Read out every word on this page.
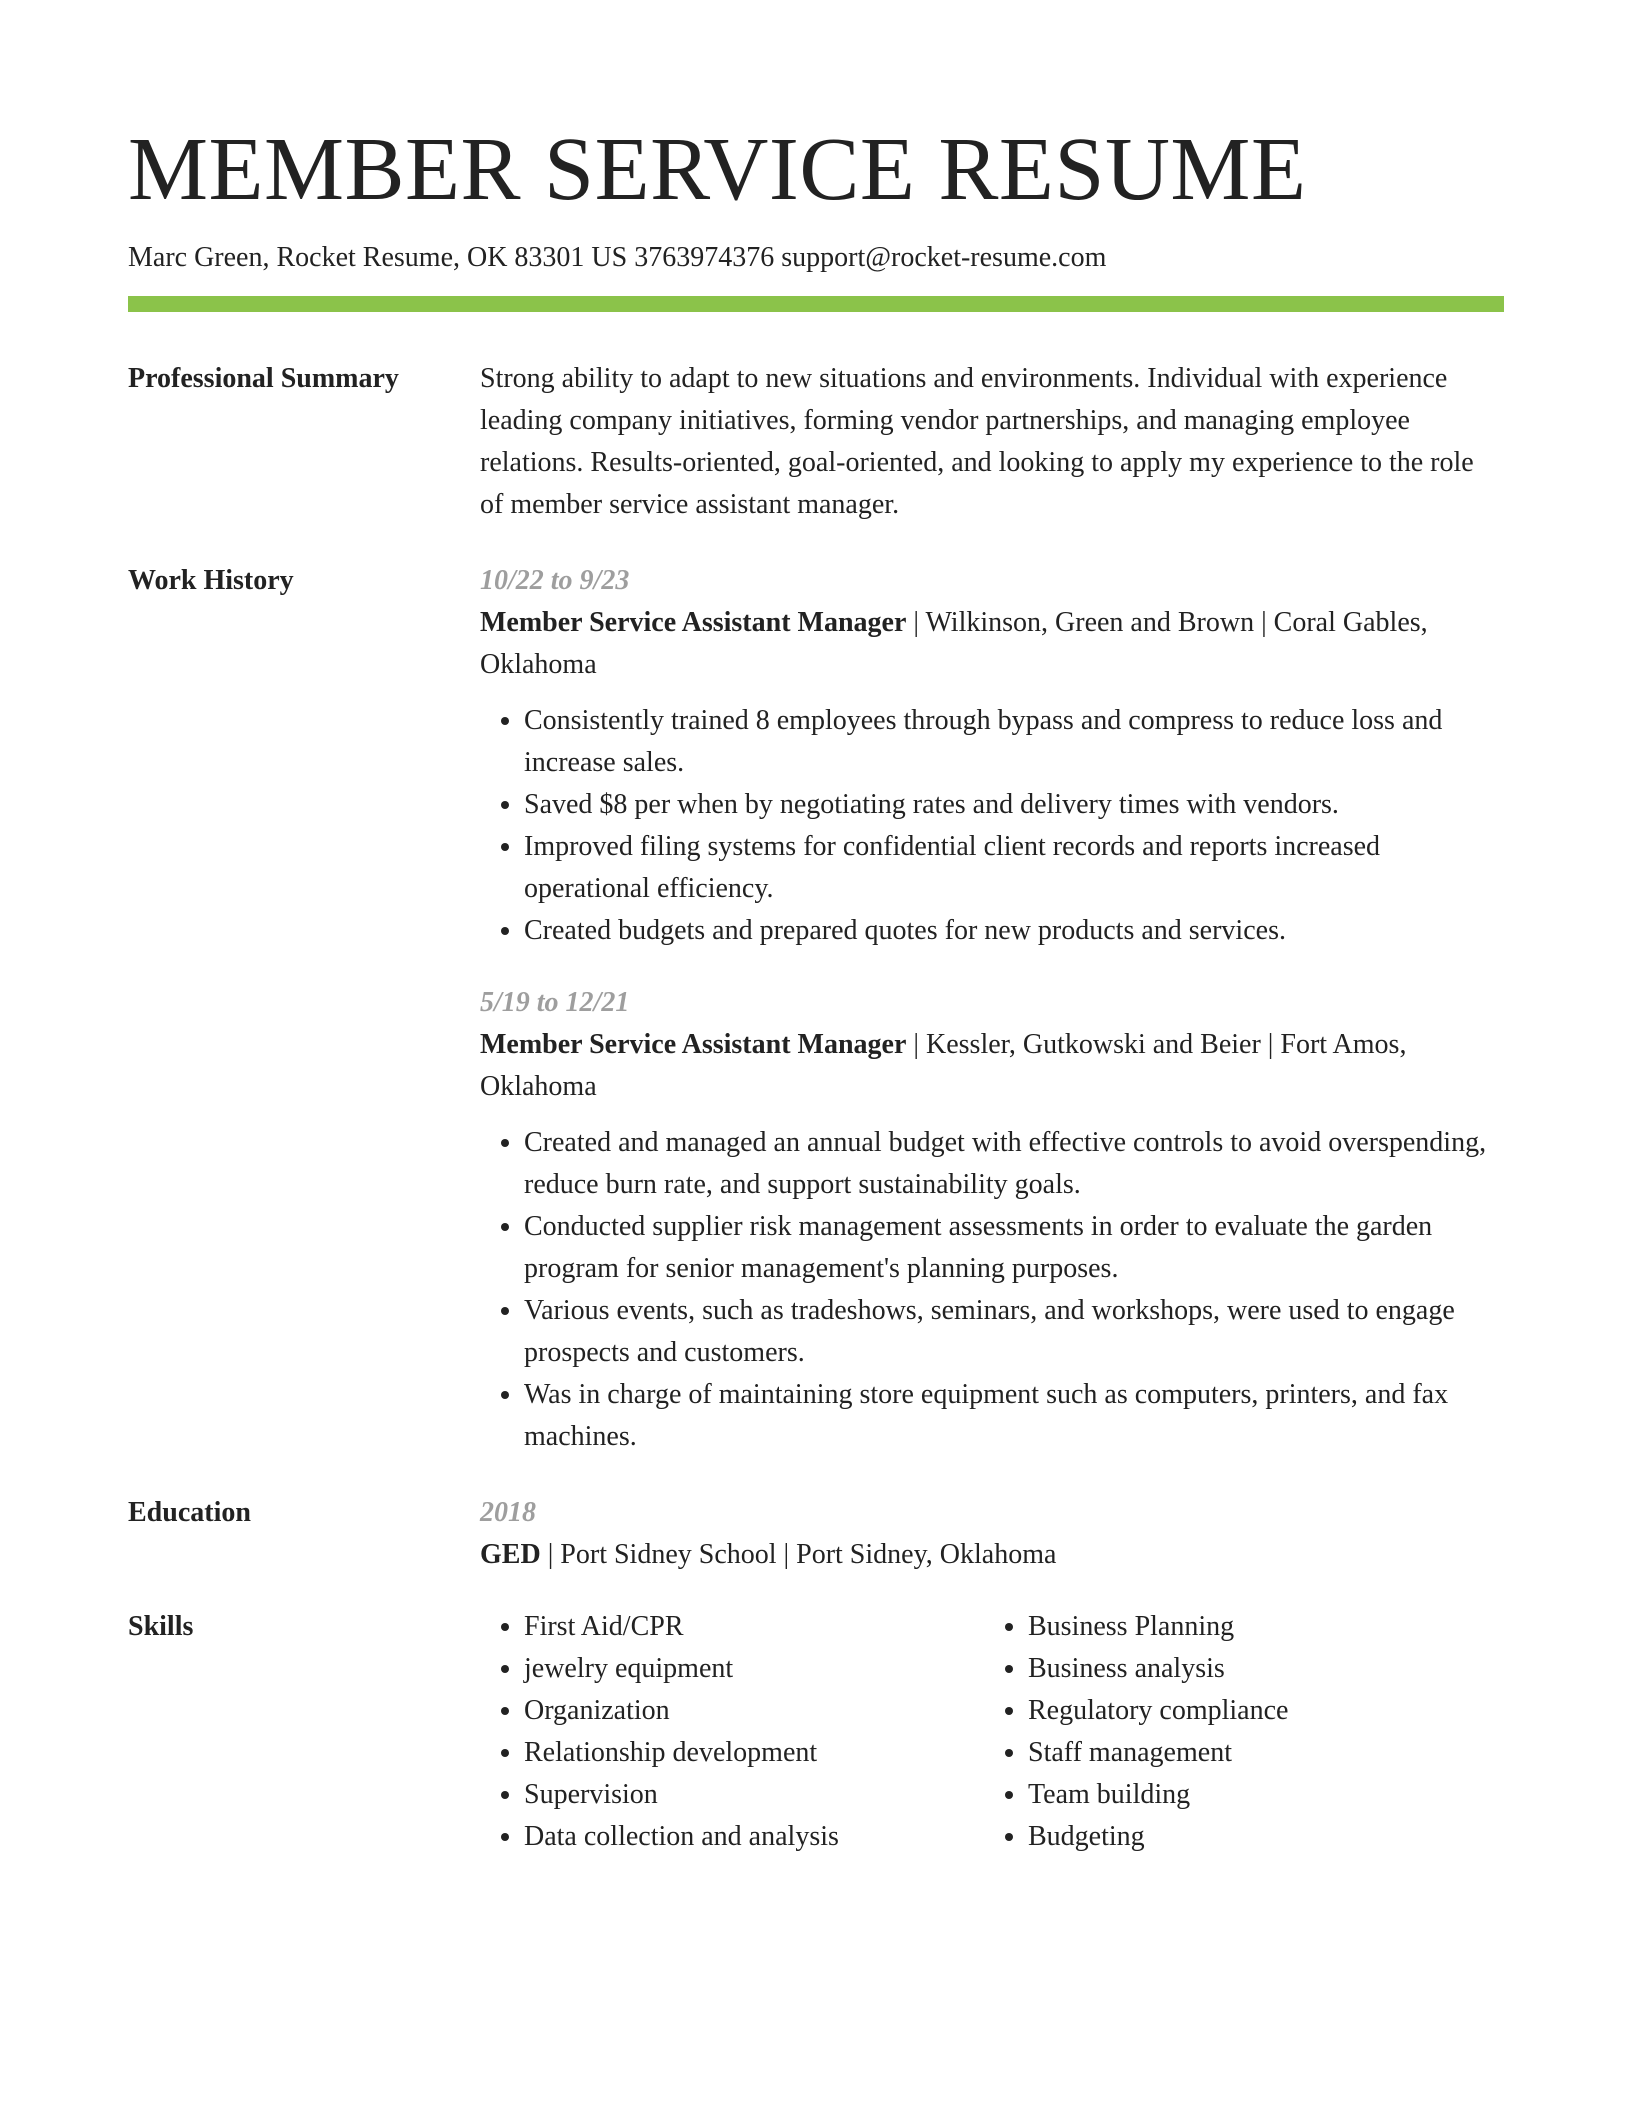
MEMBER SERVICE RESUME
Marc Green, Rocket Resume, OK 83301 US 3763974376 support@rocket-resume.com
Professional Summary	Strong ability to adapt to new situations and environments. Individual with experience leading company initiatives, forming vendor partnerships, and managing employee relations. Results-oriented, goal-oriented, and looking to apply my experience to the role of member service assistant manager.
Work History	10/22 to 9/23
Member Service Assistant Manager | Wilkinson, Green and Brown | Coral Gables, Oklahoma
• Consistently trained 8 employees through bypass and compress to reduce loss and increase sales.
• Saved $8 per when by negotiating rates and delivery times with vendors.
• Improved filing systems for confidential client records and reports increased operational efficiency.
• Created budgets and prepared quotes for new products and services.
5/19 to 12/21
Member Service Assistant Manager | Kessler, Gutkowski and Beier | Fort Amos, Oklahoma
• Created and managed an annual budget with effective controls to avoid overspending, reduce burn rate, and support sustainability goals.
• Conducted supplier risk management assessments in order to evaluate the garden program for senior management's planning purposes.
• Various events, such as tradeshows, seminars, and workshops, were used to engage prospects and customers.
• Was in charge of maintaining store equipment such as computers, printers, and fax machines.
Education	2018
GED | Port Sidney School | Port Sidney, Oklahoma
Skills
•	First Aid/CPR
• jewelry equipment
• Organization
• Relationship development
• Supervision
• Data collection and analysis
• Business Planning
• Business analysis
• Regulatory compliance
• Staff management
• Team building
• Budgeting
